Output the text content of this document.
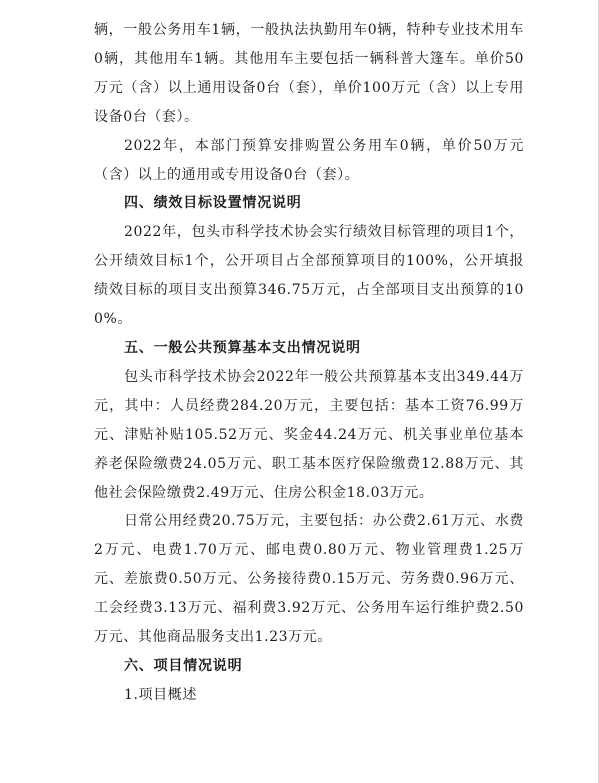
辆，一般公务用车1辆，一般执法执勤用车0辆，特种专业技术用车0辆，其他用车1辆。其他用车主要包括一辆科普大篷车。单价50万元（含）以上通用设备0台（套），单价100万元（含）以上专用设备0台（套）。

2022年，本部门预算安排购置公务用车0辆，单价50万元（含）以上的通用或专用设备0台（套）。

四、绩效目标设置情况说明

2022年，包头市科学技术协会实行绩效目标管理的项目1个，公开绩效目标1个，公开项目占全部预算项目的100%，公开填报绩效目标的项目支出预算346.75万元，占全部项目支出预算的100%。

五、一般公共预算基本支出情况说明

包头市科学技术协会2022年一般公共预算基本支出349.44万元，其中：人员经费284.20万元，主要包括：基本工资76.99万元、津贴补贴105.52万元、奖金44.24万元、机关事业单位基本养老保险缴费24.05万元、职工基本医疗保险缴费12.88万元、其他社会保险缴费2.49万元、住房公积金18.03万元。

日常公用经费20.75万元，主要包括：办公费2.61万元、水费2万元、电费1.70万元、邮电费0.80万元、物业管理费1.25万元、差旅费0.50万元、公务接待费0.15万元、劳务费0.96万元、工会经费3.13万元、福利费3.92万元、公务用车运行维护费2.50万元、其他商品服务支出1.23万元。

六、项目情况说明

1.项目概述
